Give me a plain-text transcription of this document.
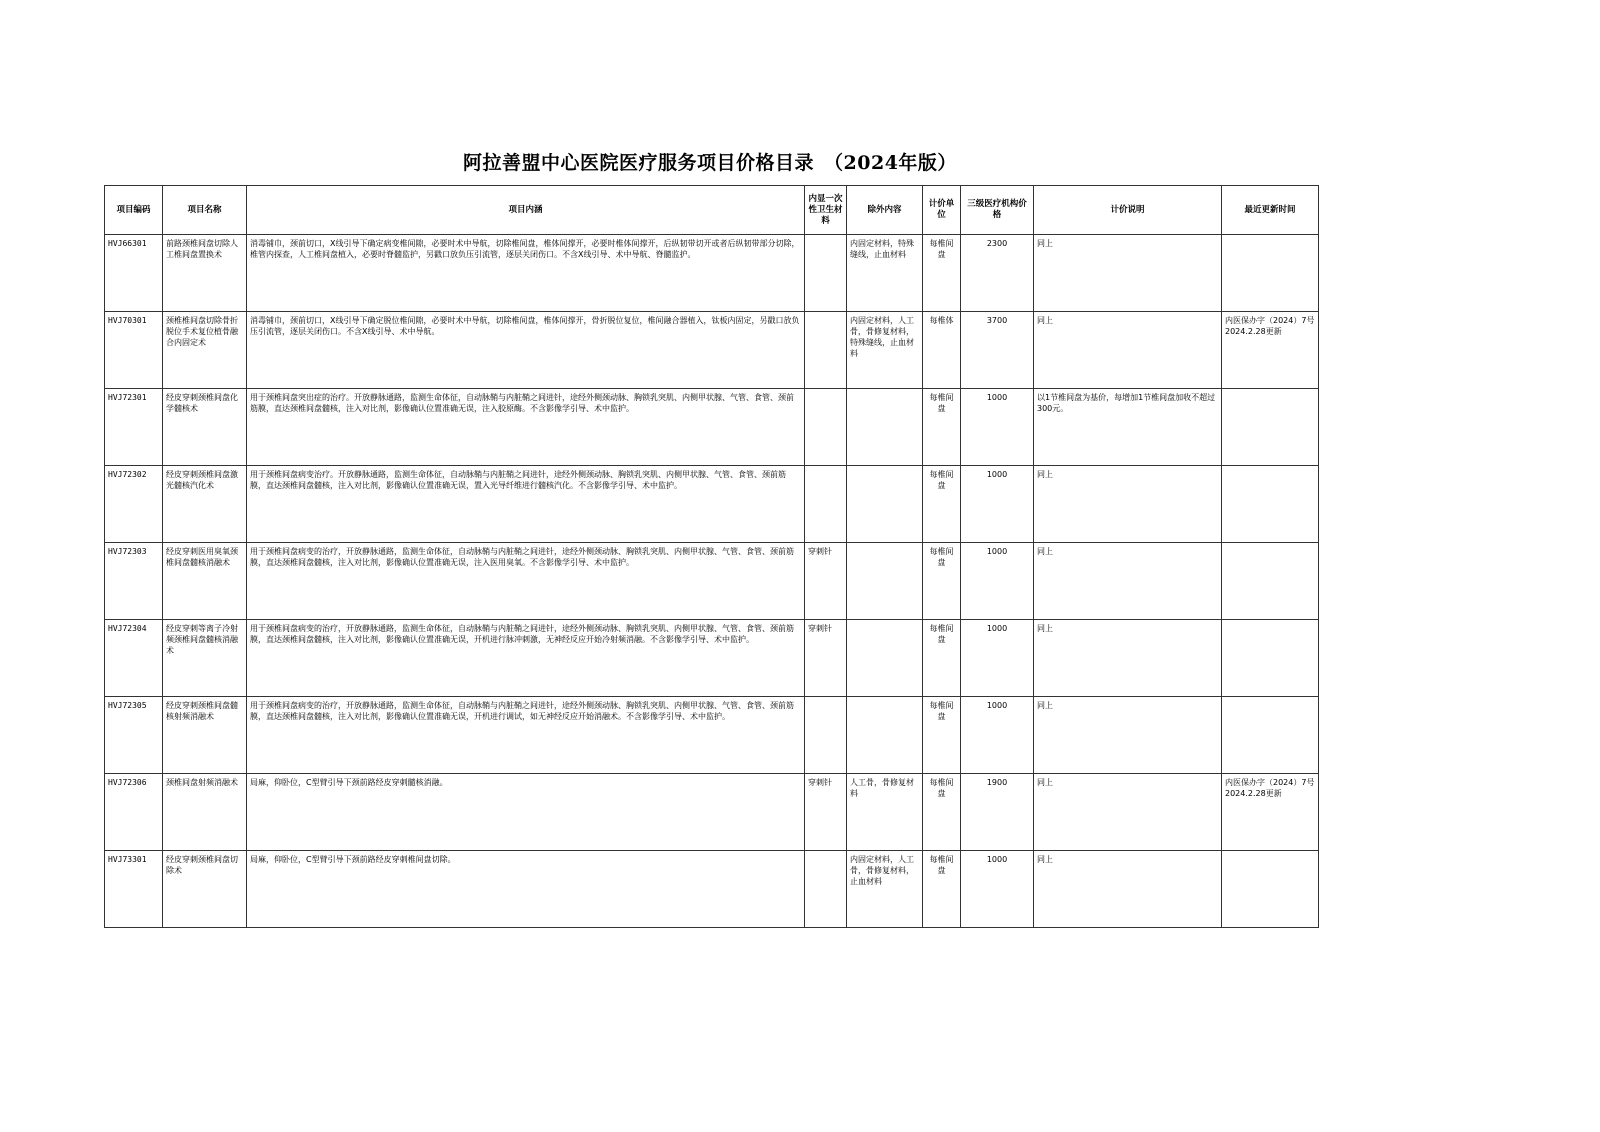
阿拉善盟中心医院医疗服务项目价格目录　（2024年版）
项目编码	项目名称	项目内涵	内显一次性卫生材料	除外内容	计价单位	三级医疗机构价格	计价说明	最近更新时间
HVJ66301	前路颈椎间盘切除人工椎间盘置换术	消毒铺巾，颈前切口，X线引导下确定病变椎间隙，必要时术中导航，切除椎间盘，椎体间撑开，必要时椎体间撑开，后纵韧带切开或者后纵韧带部分切除，椎管内探查，人工椎间盘植入，必要时脊髓监护，另戳口放负压引流管，逐层关闭伤口。不含X线引导、术中导航、脊髓监护。		内固定材料，特殊缝线，止血材料	每椎间盘	2300	同上	
HVJ70301	颈椎椎间盘切除骨折脱位手术复位植骨融合内固定术	消毒铺巾，颈前切口，X线引导下确定脱位椎间隙，必要时术中导航，切除椎间盘，椎体间撑开，骨折脱位复位，椎间融合器植入，钛板内固定，另戳口放负压引流管，逐层关闭伤口。不含X线引导、术中导航。		内固定材料，人工骨，骨修复材料，特殊缝线，止血材料	每椎体	3700	同上	内医保办字（2024）7号 2024.2.28更新
HVJ72301	经皮穿刺颈椎间盘化学髓核术	用于颈椎间盘突出症的治疗。开放静脉通路，监测生命体征，自动脉鞘与内脏鞘之间进针，途经外侧颈动脉、胸锁乳突肌、内侧甲状腺、气管、食管、颈前筋膜，直达颈椎间盘髓核，注入对比剂，影像确认位置准确无误，注入胶原酶。不含影像学引导、术中监护。			每椎间盘	1000	以1节椎间盘为基价，每增加1节椎间盘加收不超过300元。	
HVJ72302	经皮穿刺颈椎间盘激光髓核汽化术	用于颈椎间盘病变治疗。开放静脉通路，监测生命体征，自动脉鞘与内脏鞘之间进针，途经外侧颈动脉、胸锁乳突肌、内侧甲状腺、气管、食管、颈前筋膜，直达颈椎间盘髓核，注入对比剂，影像确认位置准确无误，置入光导纤维进行髓核汽化。不含影像学引导、术中监护。			每椎间盘	1000	同上	
HVJ72303	经皮穿刺医用臭氧颈椎间盘髓核消融术	用于颈椎间盘病变的治疗，开放静脉通路，监测生命体征，自动脉鞘与内脏鞘之间进针，途经外侧颈动脉、胸锁乳突肌、内侧甲状腺、气管、食管、颈前筋膜，直达颈椎间盘髓核，注入对比剂，影像确认位置准确无误，注入医用臭氧。不含影像学引导、术中监护。	穿刺针		每椎间盘	1000	同上	
HVJ72304	经皮穿刺等离子冷射频颈椎间盘髓核消融术	用于颈椎间盘病变的治疗，开放静脉通路，监测生命体征，自动脉鞘与内脏鞘之间进针，途经外侧颈动脉、胸锁乳突肌、内侧甲状腺、气管、食管、颈前筋膜，直达颈椎间盘髓核，注入对比剂，影像确认位置准确无误，开机进行脉冲刺激，无神经反应开始冷射频消融。不含影像学引导、术中监护。	穿刺针		每椎间盘	1000	同上	
HVJ72305	经皮穿刺颈椎间盘髓核射频消融术	用于颈椎间盘病变的治疗，开放静脉通路，监测生命体征，自动脉鞘与内脏鞘之间进针，途经外侧颈动脉、胸锁乳突肌、内侧甲状腺、气管、食管、颈前筋膜，直达颈椎间盘髓核，注入对比剂，影像确认位置准确无误，开机进行调试，如无神经反应开始消融术。不含影像学引导、术中监护。			每椎间盘	1000	同上	
HVJ72306	颈椎间盘射频消融术	局麻，仰卧位，C型臂引导下颈前路经皮穿刺髓核消融。	穿刺针	人工骨，骨修复材料	每椎间盘	1900	同上	内医保办字（2024）7号 2024.2.28更新
HVJ73301	经皮穿刺颈椎间盘切除术	局麻，仰卧位，C型臂引导下颈前路经皮穿刺椎间盘切除。		内固定材料，人工骨，骨修复材料，止血材料	每椎间盘	1000	同上	
